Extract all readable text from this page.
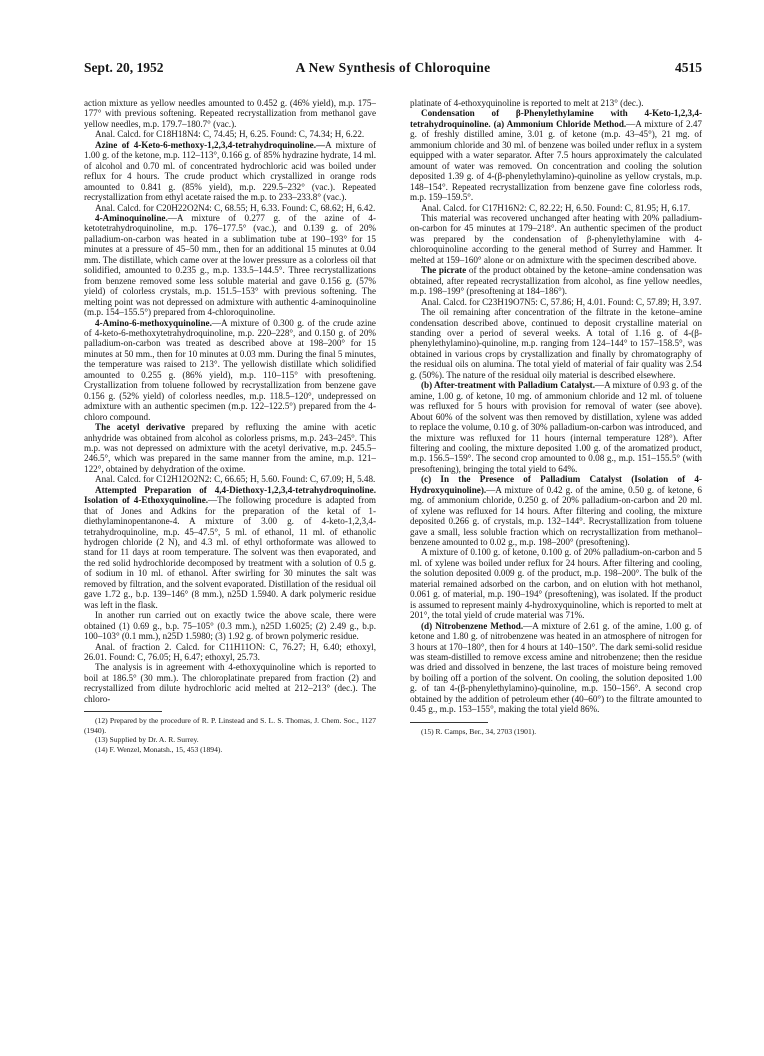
Sept. 20, 1952	A New Synthesis of Chloroquine	4515

action mixture as yellow needles amounted to 0.452 g. (46% yield), m.p. 175–177° with previous softening. Repeated recrystallization from methanol gave yellow needles, m.p. 179.7–180.7° (vac.).

Anal. Calcd. for C18H18N4: C, 74.45; H, 6.25. Found: C, 74.34; H, 6.22.

Azine of 4-Keto-6-methoxy-1,2,3,4-tetrahydroquinoline.—A mixture of 1.00 g. of the ketone, m.p. 112–113°, 0.166 g. of 85% hydrazine hydrate, 14 ml. of alcohol and 0.70 ml. of concentrated hydrochloric acid was boiled under reflux for 4 hours. The crude product which crystallized in orange rods amounted to 0.841 g. (85% yield), m.p. 229.5–232° (vac.). Repeated recrystallization from ethyl acetate raised the m.p. to 233–233.8° (vac.).

Anal. Calcd. for C20H22O2N4: C, 68.55; H, 6.33. Found: C, 68.62; H, 6.42.

4-Aminoquinoline.—A mixture of 0.277 g. of the azine of 4-ketotetrahydroquinoline, m.p. 176–177.5° (vac.), and 0.139 g. of 20% palladium-on-carbon was heated in a sublimation tube at 190–193° for 15 minutes at a pressure of 45–50 mm., then for an additional 15 minutes at 0.04 mm. The distillate, which came over at the lower pressure as a colorless oil that solidified, amounted to 0.235 g., m.p. 133.5–144.5°. Three recrystallizations from benzene removed some less soluble material and gave 0.156 g. (57% yield) of colorless crystals, m.p. 151.5–153° with previous softening. The melting point was not depressed on admixture with authentic 4-aminoquinoline (m.p. 154–155.5°) prepared from 4-chloroquinoline.

4-Amino-6-methoxyquinoline.—A mixture of 0.300 g. of the crude azine of 4-keto-6-methoxytetrahydroquinoline, m.p. 220–228°, and 0.150 g. of 20% palladium-on-carbon was treated as described above at 198–200° for 15 minutes at 50 mm., then for 10 minutes at 0.03 mm. During the final 5 minutes, the temperature was raised to 213°. The yellowish distillate which solidified amounted to 0.255 g. (86% yield), m.p. 110–115° with presoftening. Crystallization from toluene followed by recrystallization from benzene gave 0.156 g. (52% yield) of colorless needles, m.p. 118.5–120°, undepressed on admixture with an authentic specimen (m.p. 122–122.5°) prepared from the 4-chloro compound.

The acetyl derivative prepared by refluxing the amine with acetic anhydride was obtained from alcohol as colorless prisms, m.p. 243–245°. This m.p. was not depressed on admixture with the acetyl derivative, m.p. 245.5–246.5°, which was prepared in the same manner from the amine, m.p. 121–122°, obtained by dehydration of the oxime.

Anal. Calcd. for C12H12O2N2: C, 66.65; H, 5.60. Found: C, 67.09; H, 5.48.

Attempted Preparation of 4,4-Diethoxy-1,2,3,4-tetrahydroquinoline. Isolation of 4-Ethoxyquinoline.—The following procedure is adapted from that of Jones and Adkins for the preparation of the ketal of 1-diethylaminopentanone-4. A mixture of 3.00 g. of 4-keto-1,2,3,4-tetrahydroquinoline, m.p. 45–47.5°, 5 ml. of ethanol, 11 ml. of ethanolic hydrogen chloride (2 N), and 4.3 ml. of ethyl orthoformate was allowed to stand for 11 days at room temperature. The solvent was then evaporated, and the red solid hydrochloride decomposed by treatment with a solution of 0.5 g. of sodium in 10 ml. of ethanol. After swirling for 30 minutes the salt was removed by filtration, and the solvent evaporated. Distillation of the residual oil gave 1.72 g., b.p. 139–146° (8 mm.), n25D 1.5940. A dark polymeric residue was left in the flask.

In another run carried out on exactly twice the above scale, there were obtained (1) 0.69 g., b.p. 75–105° (0.3 mm.), n25D 1.6025; (2) 2.49 g., b.p. 100–103° (0.1 mm.), n25D 1.5980; (3) 1.92 g. of brown polymeric residue.

Anal. of fraction 2. Calcd. for C11H11ON: C, 76.27; H, 6.40; ethoxyl, 26.01. Found: C, 76.05; H, 6.47; ethoxyl, 25.73.

The analysis is in agreement with 4-ethoxyquinoline which is reported to boil at 186.5° (30 mm.). The chloroplatinate prepared from fraction (2) and recrystallized from dilute hydrochloric acid melted at 212–213° (dec.). The chloro-

(12) Prepared by the procedure of R. P. Linstead and S. L. S. Thomas, J. Chem. Soc., 1127 (1940).

(13) Supplied by Dr. A. R. Surrey.

(14) F. Wenzel, Monatsh., 15, 453 (1894).

platinate of 4-ethoxyquinoline is reported to melt at 213° (dec.).

Condensation of β-Phenylethylamine with 4-Keto-1,2,3,4-tetrahydroquinoline. (a) Ammonium Chloride Method.—A mixture of 2.47 g. of freshly distilled amine, 3.01 g. of ketone (m.p. 43–45°), 21 mg. of ammonium chloride and 30 ml. of benzene was boiled under reflux in a system equipped with a water separator. After 7.5 hours approximately the calculated amount of water was removed. On concentration and cooling the solution deposited 1.39 g. of 4-(β-phenylethylamino)-quinoline as yellow crystals, m.p. 148–154°. Repeated recrystallization from benzene gave fine colorless rods, m.p. 159–159.5°.

Anal. Calcd. for C17H16N2: C, 82.22; H, 6.50. Found: C, 81.95; H, 6.17.

This material was recovered unchanged after heating with 20% palladium-on-carbon for 45 minutes at 179–218°. An authentic specimen of the product was prepared by the condensation of β-phenylethylamine with 4-chloroquinoline according to the general method of Surrey and Hammer. It melted at 159–160° alone or on admixture with the specimen described above.

The picrate of the product obtained by the ketone–amine condensation was obtained, after repeated recrystallization from alcohol, as fine yellow needles, m.p. 198–199° (presoftening at 184–186°).

Anal. Calcd. for C23H19O7N5: C, 57.86; H, 4.01. Found: C, 57.89; H, 3.97.

The oil remaining after concentration of the filtrate in the ketone–amine condensation described above, continued to deposit crystalline material on standing over a period of several weeks. A total of 1.16 g. of 4-(β-phenylethylamino)-quinoline, m.p. ranging from 124–144° to 157–158.5°, was obtained in various crops by crystallization and finally by chromatography of the residual oils on alumina. The total yield of material of fair quality was 2.54 g. (50%). The nature of the residual oily material is described elsewhere.

(b) After-treatment with Palladium Catalyst.—A mixture of 0.93 g. of the amine, 1.00 g. of ketone, 10 mg. of ammonium chloride and 12 ml. of toluene was refluxed for 5 hours with provision for removal of water (see above). About 60% of the solvent was then removed by distillation, xylene was added to replace the volume, 0.10 g. of 30% palladium-on-carbon was introduced, and the mixture was refluxed for 11 hours (internal temperature 128°). After filtering and cooling, the mixture deposited 1.00 g. of the aromatized product, m.p. 156.5–159°. The second crop amounted to 0.08 g., m.p. 151–155.5° (with presoftening), bringing the total yield to 64%.

(c) In the Presence of Palladium Catalyst (Isolation of 4-Hydroxyquinoline).—A mixture of 0.42 g. of the amine, 0.50 g. of ketone, 6 mg. of ammonium chloride, 0.250 g. of 20% palladium-on-carbon and 20 ml. of xylene was refluxed for 14 hours. After filtering and cooling, the mixture deposited 0.266 g. of crystals, m.p. 132–144°. Recrystallization from toluene gave a small, less soluble fraction which on recrystallization from methanol–benzene amounted to 0.02 g., m.p. 198–200° (presoftening).

A mixture of 0.100 g. of ketone, 0.100 g. of 20% palladium-on-carbon and 5 ml. of xylene was boiled under reflux for 24 hours. After filtering and cooling, the solution deposited 0.009 g. of the product, m.p. 198–200°. The bulk of the material remained adsorbed on the carbon, and on elution with hot methanol, 0.061 g. of material, m.p. 190–194° (presoftening), was isolated. If the product is assumed to represent mainly 4-hydroxyquinoline, which is reported to melt at 201°, the total yield of crude material was 71%.

(d) Nitrobenzene Method.—A mixture of 2.61 g. of the amine, 1.00 g. of ketone and 1.80 g. of nitrobenzene was heated in an atmosphere of nitrogen for 3 hours at 170–180°, then for 4 hours at 140–150°. The dark semi-solid residue was steam-distilled to remove excess amine and nitrobenzene; then the residue was dried and dissolved in benzene, the last traces of moisture being removed by boiling off a portion of the solvent. On cooling, the solution deposited 1.00 g. of tan 4-(β-phenylethylamino)-quinoline, m.p. 150–156°. A second crop obtained by the addition of petroleum ether (40–60°) to the filtrate amounted to 0.45 g., m.p. 153–155°, making the total yield 86%.

(15) R. Camps, Ber., 34, 2703 (1901).
